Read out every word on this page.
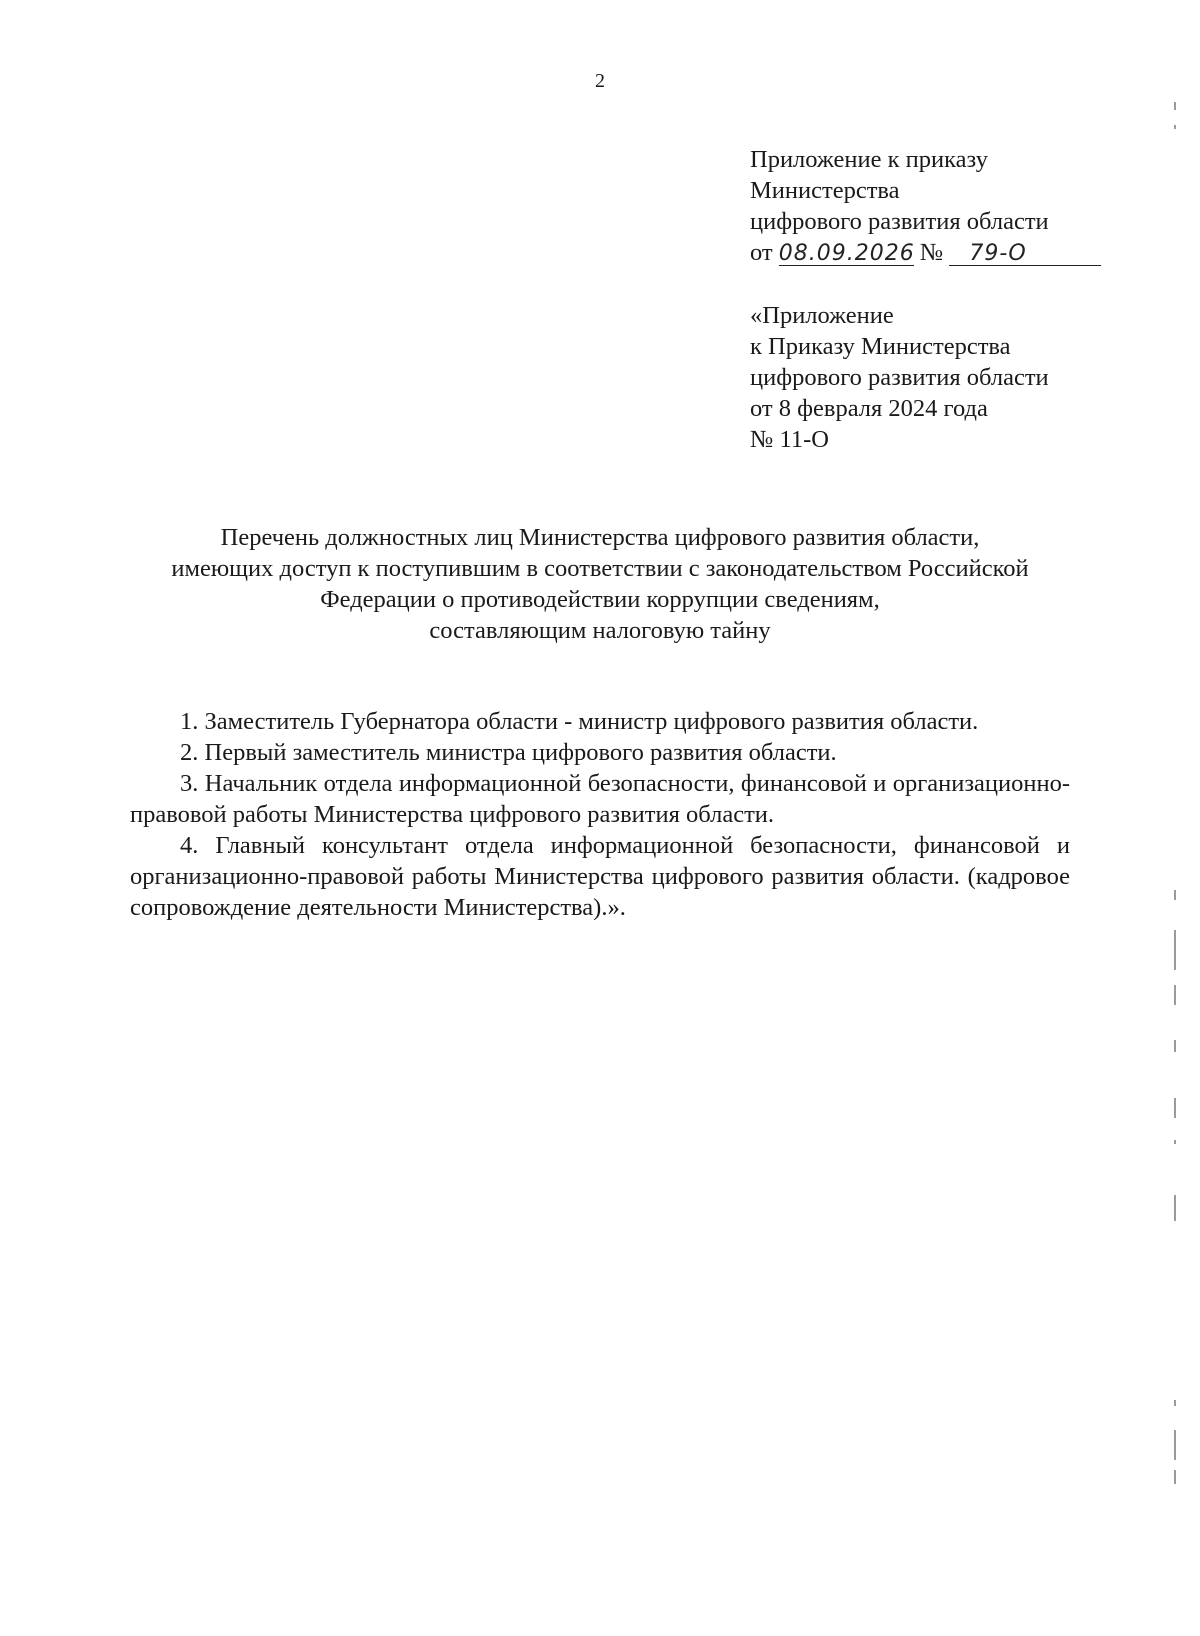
2
Приложение к приказу
Министерства
цифрового развития области
от 08.09.2026 № 79-О
«Приложение
к Приказу Министерства
цифрового развития области
от 8 февраля 2024 года
№ 11-О
Перечень должностных лиц Министерства цифрового развития области,
имеющих доступ к поступившим в соответствии с законодательством Российской
Федерации о противодействии коррупции сведениям,
составляющим налоговую тайну
1. Заместитель Губернатора области - министр цифрового развития области.
2. Первый заместитель министра цифрового развития области.
3. Начальник отдела информационной безопасности, финансовой и организационно-правовой работы Министерства цифрового развития области.
4. Главный консультант отдела информационной безопасности, финансовой и организационно-правовой работы Министерства цифрового развития области. (кадровое сопровождение деятельности Министерства).».
